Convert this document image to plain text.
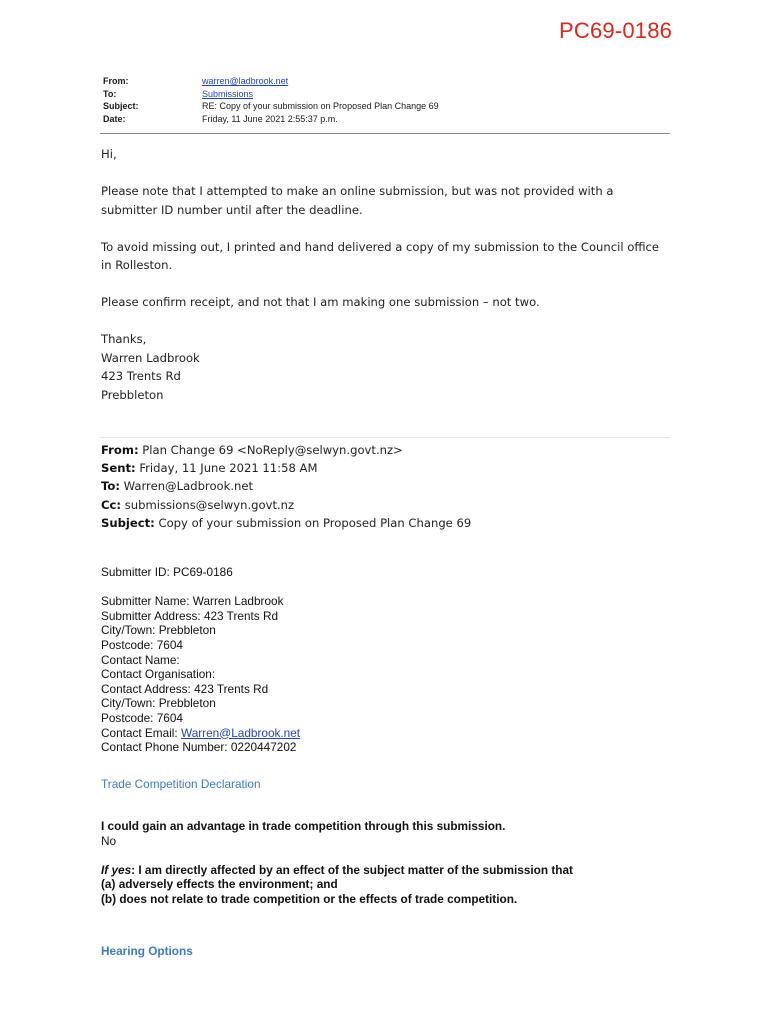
PC69-0186
From:	warren@ladbrook.net
To:	Submissions
Subject:	RE: Copy of your submission on Proposed Plan Change 69
Date:	Friday, 11 June 2021 2:55:37 p.m.

Hi,

Please note that I attempted to make an online submission, but was not provided with a submitter ID number until after the deadline.

To avoid missing out, I printed and hand delivered a copy of my submission to the Council office in Rolleston.

Please confirm receipt, and not that I am making one submission – not two.

Thanks,
Warren Ladbrook
423 Trents Rd
Prebbleton
From: Plan Change 69 <NoReply@selwyn.govt.nz>
Sent: Friday, 11 June 2021 11:58 AM
To: Warren@Ladbrook.net
Cc: submissions@selwyn.govt.nz
Subject: Copy of your submission on Proposed Plan Change 69
Submitter ID: PC69-0186
Submitter Name: Warren Ladbrook
Submitter Address: 423 Trents Rd
City/Town: Prebbleton
Postcode: 7604
Contact Name:
Contact Organisation:
Contact Address: 423 Trents Rd
City/Town: Prebbleton
Postcode: 7604
Contact Email: Warren@Ladbrook.net
Contact Phone Number: 0220447202
Trade Competition Declaration
I could gain an advantage in trade competition through this submission.
No
If yes: I am directly affected by an effect of the subject matter of the submission that
(a) adversely effects the environment; and
(b) does not relate to trade competition or the effects of trade competition.
Hearing Options
